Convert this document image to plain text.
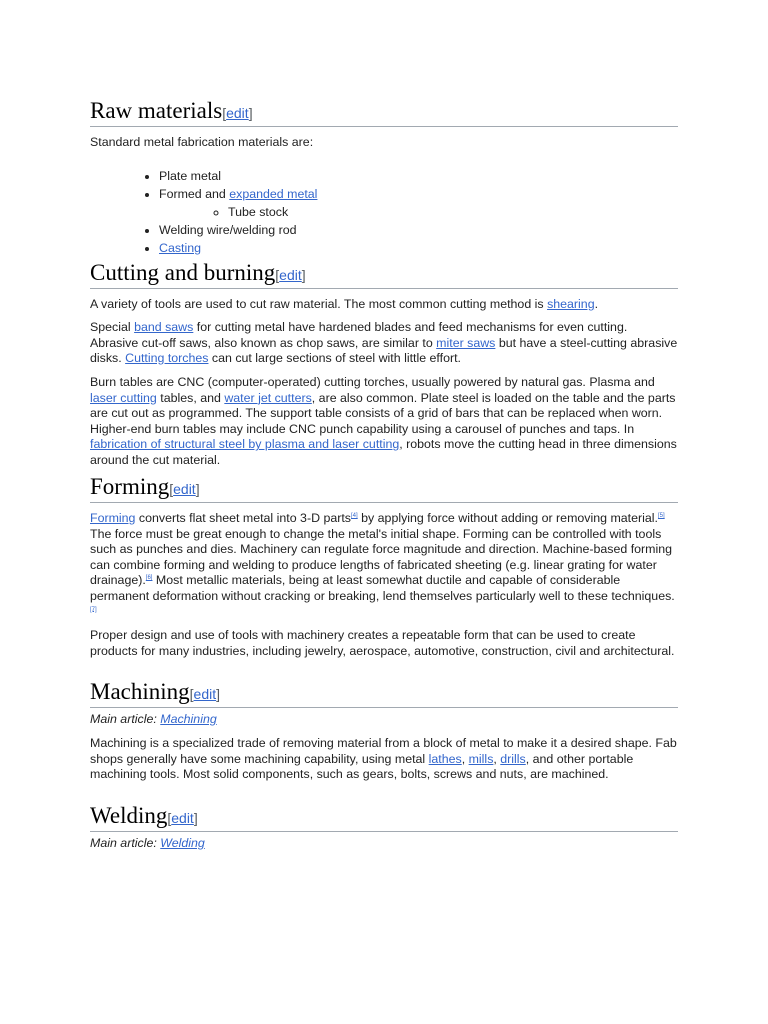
Raw materials[edit]

Standard metal fabrication materials are:

• Plate metal
• Formed and expanded metal
◦ Tube stock
• Welding wire/welding rod
• Casting
Cutting and burning[edit]

A variety of tools are used to cut raw material. The most common cutting method is shearing.

Special band saws for cutting metal have hardened blades and feed mechanisms for even cutting. Abrasive cut-off saws, also known as chop saws, are similar to miter saws but have a steel-cutting abrasive disks. Cutting torches can cut large sections of steel with little effort.

Burn tables are CNC (computer-operated) cutting torches, usually powered by natural gas. Plasma and laser cutting tables, and water jet cutters, are also common. Plate steel is loaded on the table and the parts are cut out as programmed. The support table consists of a grid of bars that can be replaced when worn. Higher-end burn tables may include CNC punch capability using a carousel of punches and taps. In fabrication of structural steel by plasma and laser cutting, robots move the cutting head in three dimensions around the cut material.

Forming[edit]

Forming converts flat sheet metal into 3-D parts[4] by applying force without adding or removing material.[5] The force must be great enough to change the metal's initial shape. Forming can be controlled with tools such as punches and dies. Machinery can regulate force magnitude and direction. Machine-based forming can combine forming and welding to produce lengths of fabricated sheeting (e.g. linear grating for water drainage).[6] Most metallic materials, being at least somewhat ductile and capable of considerable permanent deformation without cracking or breaking, lend themselves particularly well to these techniques.[7]

Proper design and use of tools with machinery creates a repeatable form that can be used to create products for many industries, including jewelry, aerospace, automotive, construction, civil and architectural.

Machining[edit]

Main article: Machining

Machining is a specialized trade of removing material from a block of metal to make it a desired shape. Fab shops generally have some machining capability, using metal lathes, mills, drills, and other portable machining tools. Most solid components, such as gears, bolts, screws and nuts, are machined.

Welding[edit]

Main article: Welding
